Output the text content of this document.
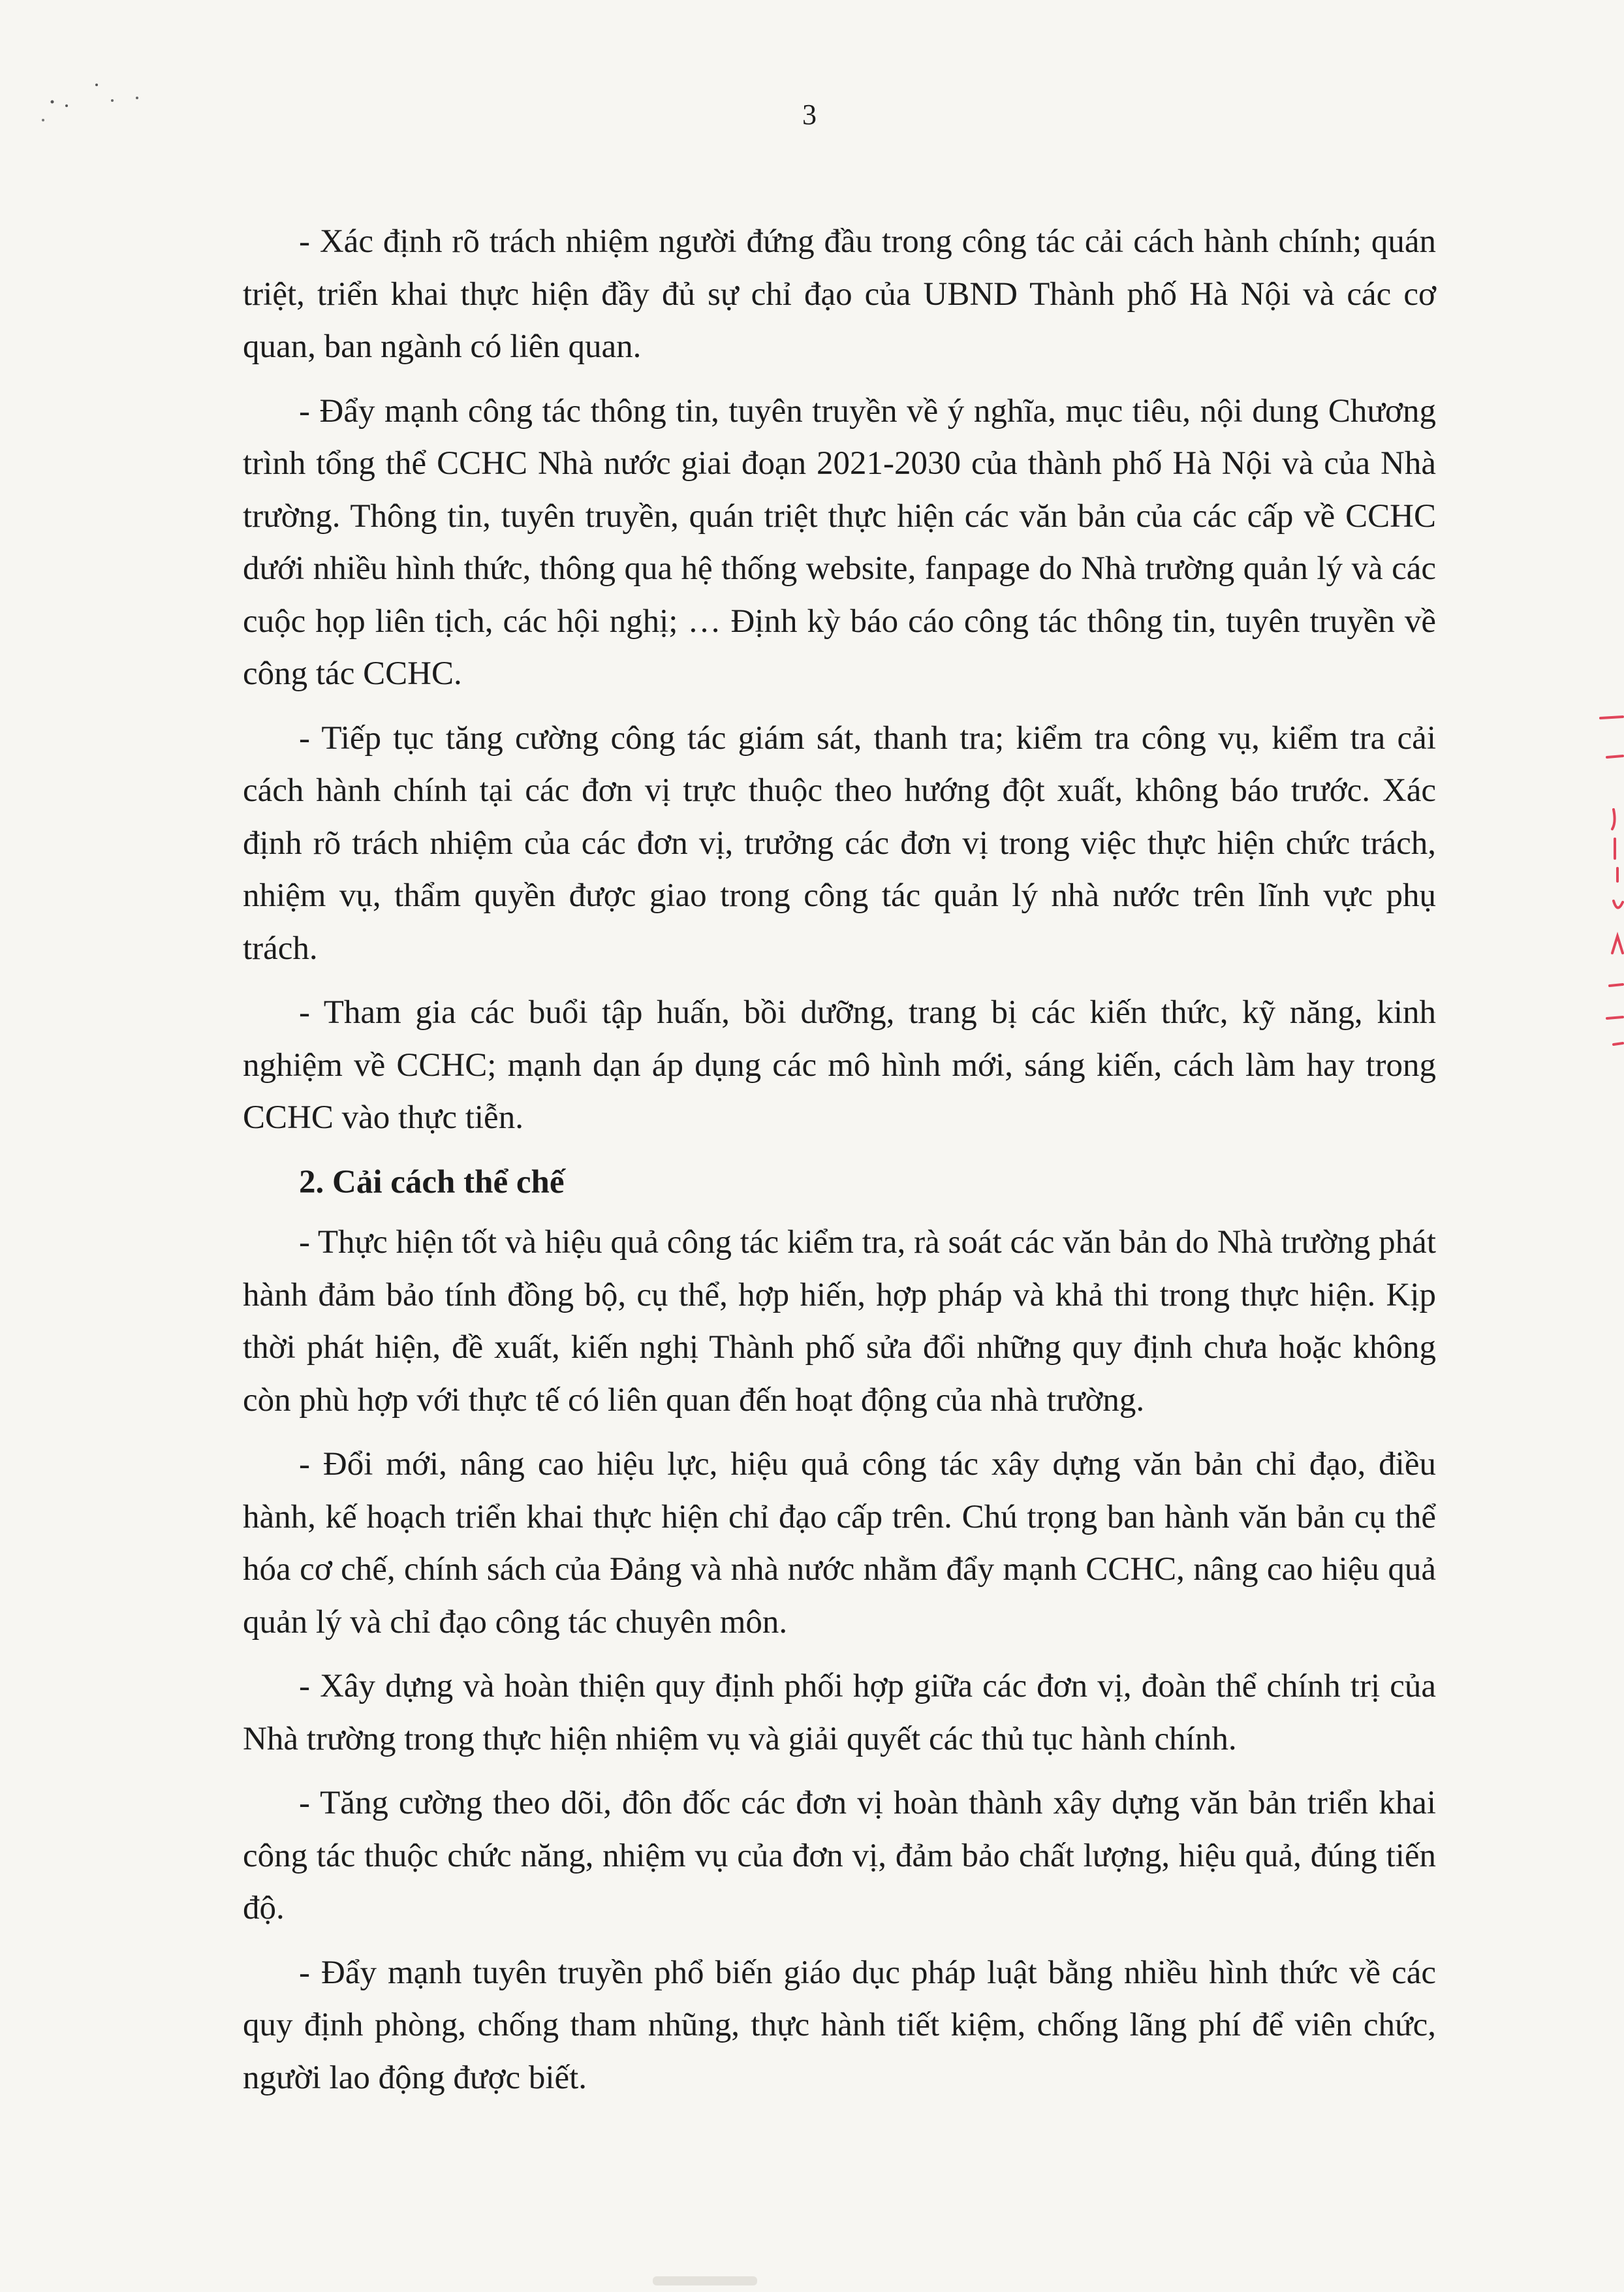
3

- Xác định rõ trách nhiệm người đứng đầu trong công tác cải cách hành chính; quán triệt, triển khai thực hiện đầy đủ sự chỉ đạo của UBND Thành phố Hà Nội và các cơ quan, ban ngành có liên quan.

- Đẩy mạnh công tác thông tin, tuyên truyền về ý nghĩa, mục tiêu, nội dung Chương trình tổng thể CCHC Nhà nước giai đoạn 2021-2030 của thành phố Hà Nội và của Nhà trường. Thông tin, tuyên truyền, quán triệt thực hiện các văn bản của các cấp về CCHC dưới nhiều hình thức, thông qua hệ thống website, fanpage do Nhà trường quản lý và các cuộc họp liên tịch, các hội nghị; … Định kỳ báo cáo công tác thông tin, tuyên truyền về công tác CCHC.

- Tiếp tục tăng cường công tác giám sát, thanh tra; kiểm tra công vụ, kiểm tra cải cách hành chính tại các đơn vị trực thuộc theo hướng đột xuất, không báo trước. Xác định rõ trách nhiệm của các đơn vị, trưởng các đơn vị trong việc thực hiện chức trách, nhiệm vụ, thẩm quyền được giao trong công tác quản lý nhà nước trên lĩnh vực phụ trách.

- Tham gia các buổi tập huấn, bồi dưỡng, trang bị các kiến thức, kỹ năng, kinh nghiệm về CCHC; mạnh dạn áp dụng các mô hình mới, sáng kiến, cách làm hay trong CCHC vào thực tiễn.

2. Cải cách thể chế

- Thực hiện tốt và hiệu quả công tác kiểm tra, rà soát các văn bản do Nhà trường phát hành đảm bảo tính đồng bộ, cụ thể, hợp hiến, hợp pháp và khả thi trong thực hiện. Kịp thời phát hiện, đề xuất, kiến nghị Thành phố sửa đổi những quy định chưa hoặc không còn phù hợp với thực tế có liên quan đến hoạt động của nhà trường.

- Đổi mới, nâng cao hiệu lực, hiệu quả công tác xây dựng văn bản chỉ đạo, điều hành, kế hoạch triển khai thực hiện chỉ đạo cấp trên. Chú trọng ban hành văn bản cụ thể hóa cơ chế, chính sách của Đảng và nhà nước nhằm đẩy mạnh CCHC, nâng cao hiệu quả quản lý và chỉ đạo công tác chuyên môn.

- Xây dựng và hoàn thiện quy định phối hợp giữa các đơn vị, đoàn thể chính trị của Nhà trường trong thực hiện nhiệm vụ và giải quyết các thủ tục hành chính.

- Tăng cường theo dõi, đôn đốc các đơn vị hoàn thành xây dựng văn bản triển khai công tác thuộc chức năng, nhiệm vụ của đơn vị, đảm bảo chất lượng, hiệu quả, đúng tiến độ.

- Đẩy mạnh tuyên truyền phổ biến giáo dục pháp luật bằng nhiều hình thức về các quy định phòng, chống tham nhũng, thực hành tiết kiệm, chống lãng phí để viên chức, người lao động được biết.
